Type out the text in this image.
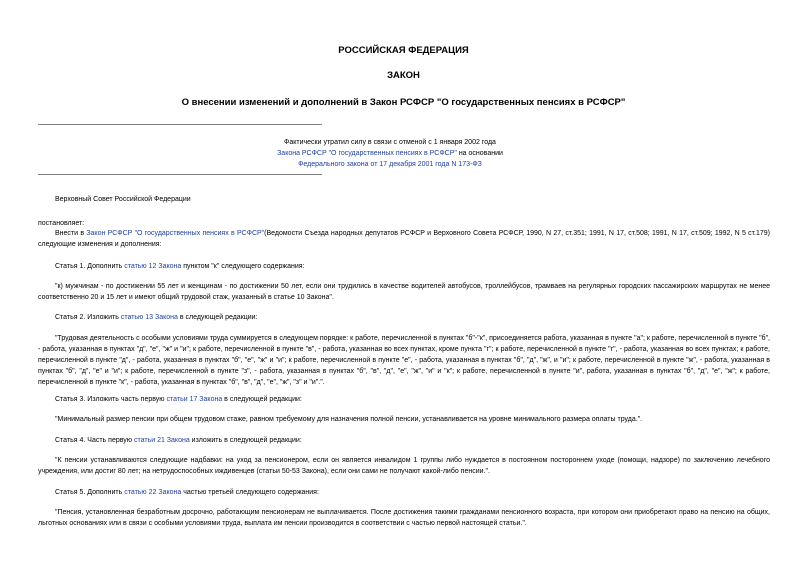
РОССИЙСКАЯ ФЕДЕРАЦИЯ
ЗАКОН
О внесении изменений и дополнений в Закон РСФСР "О государственных пенсиях в РСФСР"
Фактически утратил силу в связи с отменой с 1 января 2002 года
Закона РСФСР "О государственных пенсиях в РСФСР" на основании
Федерального закона от 17 декабря 2001 года N 173-ФЗ
Верховный Совет Российской Федерации
постановляет:
Внести в Закон РСФСР "О государственных пенсиях в РСФСР"(Ведомости Съезда народных депутатов РСФСР и Верховного Совета РСФСР, 1990, N 27, ст.351; 1991, N 17, ст.508; 1991, N 17, ст.509; 1992, N 5 ст.179) следующие изменения и дополнения:
Статья 1. Дополнить статью 12 Закона пунктом "к" следующего содержания:
"к) мужчинам - по достижении 55 лет и женщинам - по достижении 50 лет, если они трудились в качестве водителей автобусов, троллейбусов, трамваев на регулярных городских пассажирских маршрутах не менее соответственно 20 и 15 лет и имеют общий трудовой стаж, указанный в статье 10 Закона".
Статья 2. Изложить статью 13 Закона в следующей редакции:
"Трудовая деятельность с особыми условиями труда суммируется в следующем порядке: к работе, перечисленной в пунктах "б"-"к", присоединяется работа, указанная в пункте "а"; к работе, перечисленной в пункте "б", - работа, указанная в пунктах "д", "е", "ж" и "и"; к работе, перечисленной в пункте "в", - работа, указанная во всех пунктах, кроме пункта "г"; к работе, перечисленной в пункте "г", - работа, указанная во всех пунктах; к работе, перечисленной в пункте "д", - работа, указанная в пунктах "б", "е", "ж" и "и"; к работе, перечисленной в пункте "е", - работа, указанная в пунктах "б", "д", "ж", и "и"; к работе, перечисленной в пункте "ж", - работа, указанная в пунктах "б", "д", "е" и "и"; к работе, перечисленной в пункте "з", - работа, указанная в пунктах "б", "в", "д", "е", "ж", "и" и "к"; к работе, перечисленной в пункте "и", работа, указанная в пунктах "б", "д", "е", "ж"; к работе, перечисленной в пункте "к", - работа, указанная в пунктах "б", "в", "д", "е", "ж", "з" и "и".".
Статья 3. Изложить часть первую статьи 17 Закона в следующей редакции:
"Минимальный размер пенсии при общем трудовом стаже, равном требуемому для назначения полной пенсии, устанавливается на уровне минимального размера оплаты труда.".
Статья 4. Часть первую статьи 21 Закона изложить в следующей редакции:
"К пенсии устанавливаются следующие надбавки: на уход за пенсионером, если он является инвалидом 1 группы либо нуждается в постоянном постороннем уходе (помощи, надзоре) по заключению лечебного учреждения, или достиг 80 лет; на нетрудоспособных иждивенцев (статьи 50-53 Закона), если они сами не получают какой-либо пенсии.".
Статья 5. Дополнить статью 22 Закона частью третьей следующего содержания:
"Пенсия, установленная безработным досрочно, работающим пенсионерам не выплачивается. После достижения такими гражданами пенсионного возраста, при котором они приобретают право на пенсию на общих, льготных основаниях или в связи с особыми условиями труда, выплата им пенсии производится в соответствии с частью первой настоящей статьи.".
